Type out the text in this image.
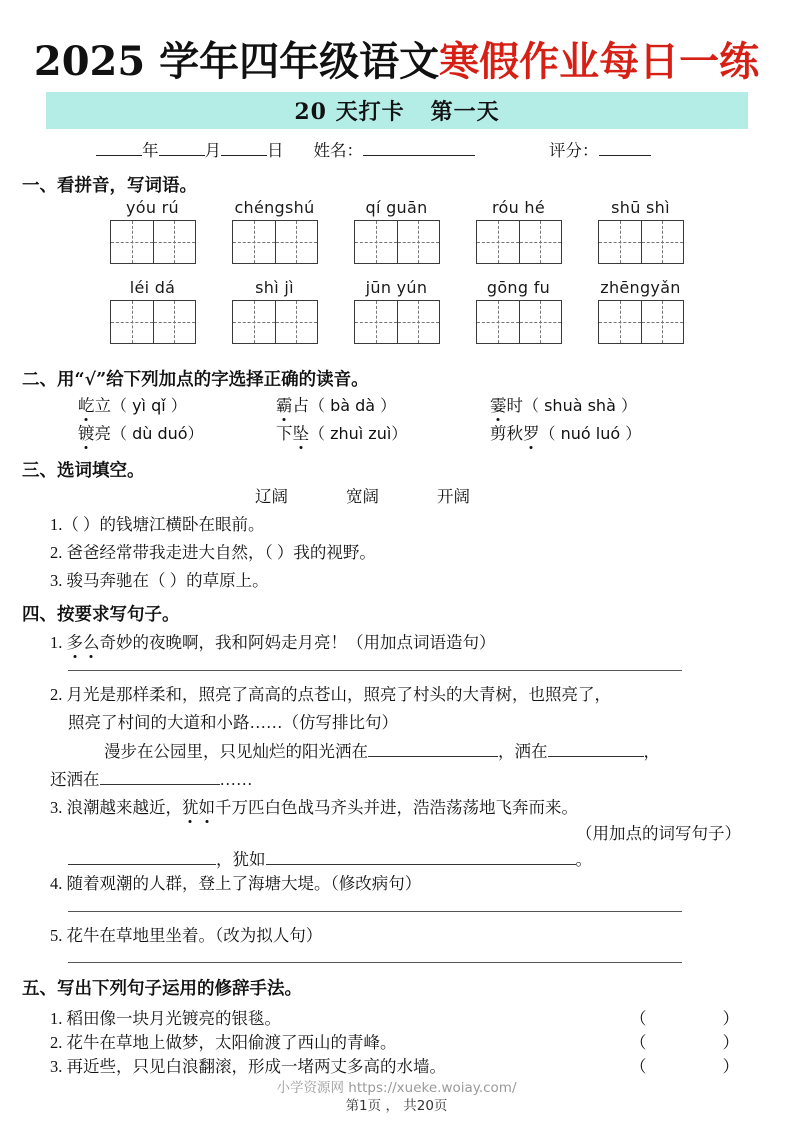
2025 学年四年级语文寒假作业每日一练
20 天打卡 第一天
年	月	日 姓名：	评分：
一、看拼音，写词语。
yóu rú	chéngshú	qí guān	róu hé	shū shì
léi dá	shì jì	jūn yún	gōng fu	zhēngyǎn
二、用“√”给下列加点的字选择正确的读音。
屹立（ yì qǐ ）	霸占（ bà dà ）	霎时（ shuà shà ）
镀亮（ dù duó）	下坠（ zhuì zuì）	剪秋罗（ nuó luó ）
三、选词填空。
辽阔	宽阔	开阔
1.（ ）的钱塘江横卧在眼前。
2. 爸爸经常带我走进大自然，（ ）我的视野。
3. 骏马奔驰在（ ）的草原上。
四、按要求写句子。
1. 多么奇妙的夜晚啊，我和阿妈走月亮！（用加点词语造句）
2. 月光是那样柔和，照亮了高高的点苍山，照亮了村头的大青树，也照亮了，
照亮了村间的大道和小路……（仿写排比句）
漫步在公园里，只见灿烂的阳光洒在	，洒在	，
还洒在	……
3. 浪潮越来越近，犹如千万匹白色战马齐头并进，浩浩荡荡地飞奔而来。
（用加点的词写句子）
，犹如	。
4. 随着观潮的人群，登上了海塘大堤。（修改病句）
5. 花牛在草地里坐着。（改为拟人句）
五、写出下列句子运用的修辞手法。
1. 稻田像一块月光镀亮的银毯。	（	）
2. 花牛在草地上做梦，太阳偷渡了西山的青峰。	（	）
3. 再近些，只见白浪翻滚，形成一堵两丈多高的水墙。	（	）
小学资源网 https://xueke.woiay.com/
第1页 ， 共20页
